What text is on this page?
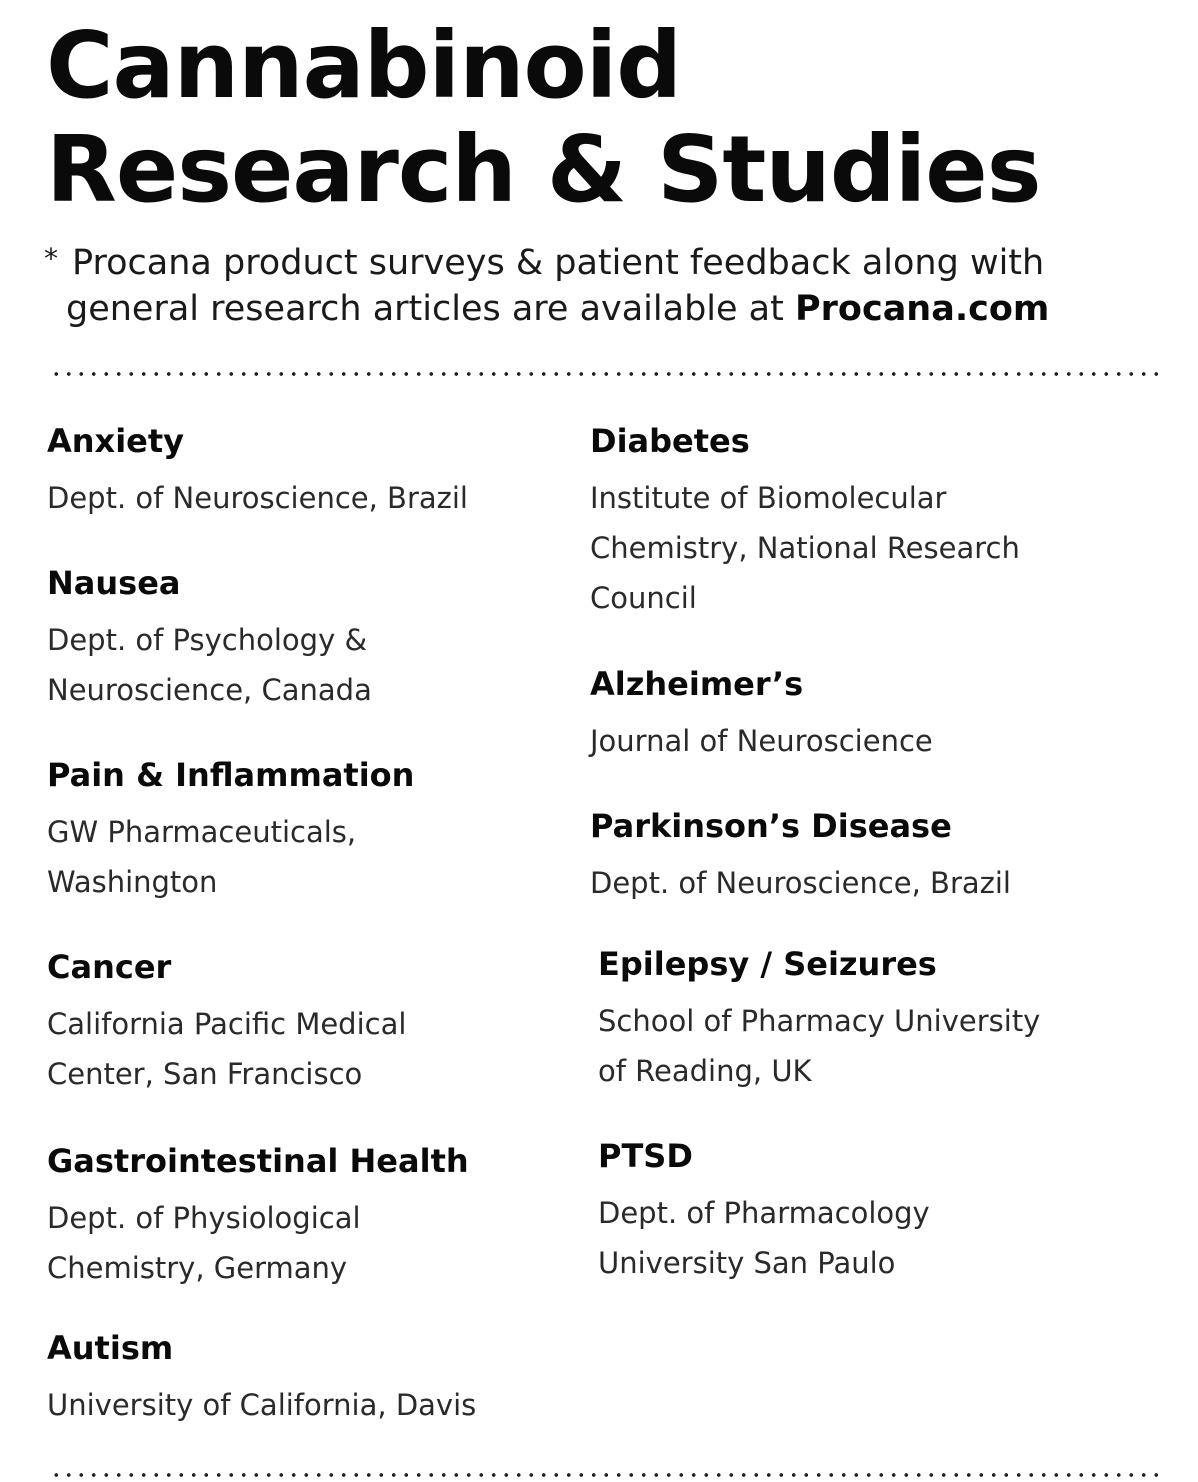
Cannabinoid
Research & Studies
* Procana product surveys & patient feedback along with
general research articles are available at Procana.com
Anxiety
Dept. of Neuroscience, Brazil
Nausea
Dept. of Psychology &
Neuroscience, Canada
Pain & Inflammation
GW Pharmaceuticals,
Washington
Cancer
California Pacific Medical
Center, San Francisco
Gastrointestinal Health
Dept. of Physiological
Chemistry, Germany
Autism
University of California, Davis
Diabetes
Institute of Biomolecular
Chemistry, National Research
Council
Alzheimer’s
Journal of Neuroscience
Parkinson’s Disease
Dept. of Neuroscience, Brazil
Epilepsy / Seizures
School of Pharmacy University
of Reading, UK
PTSD
Dept. of Pharmacology
University San Paulo
